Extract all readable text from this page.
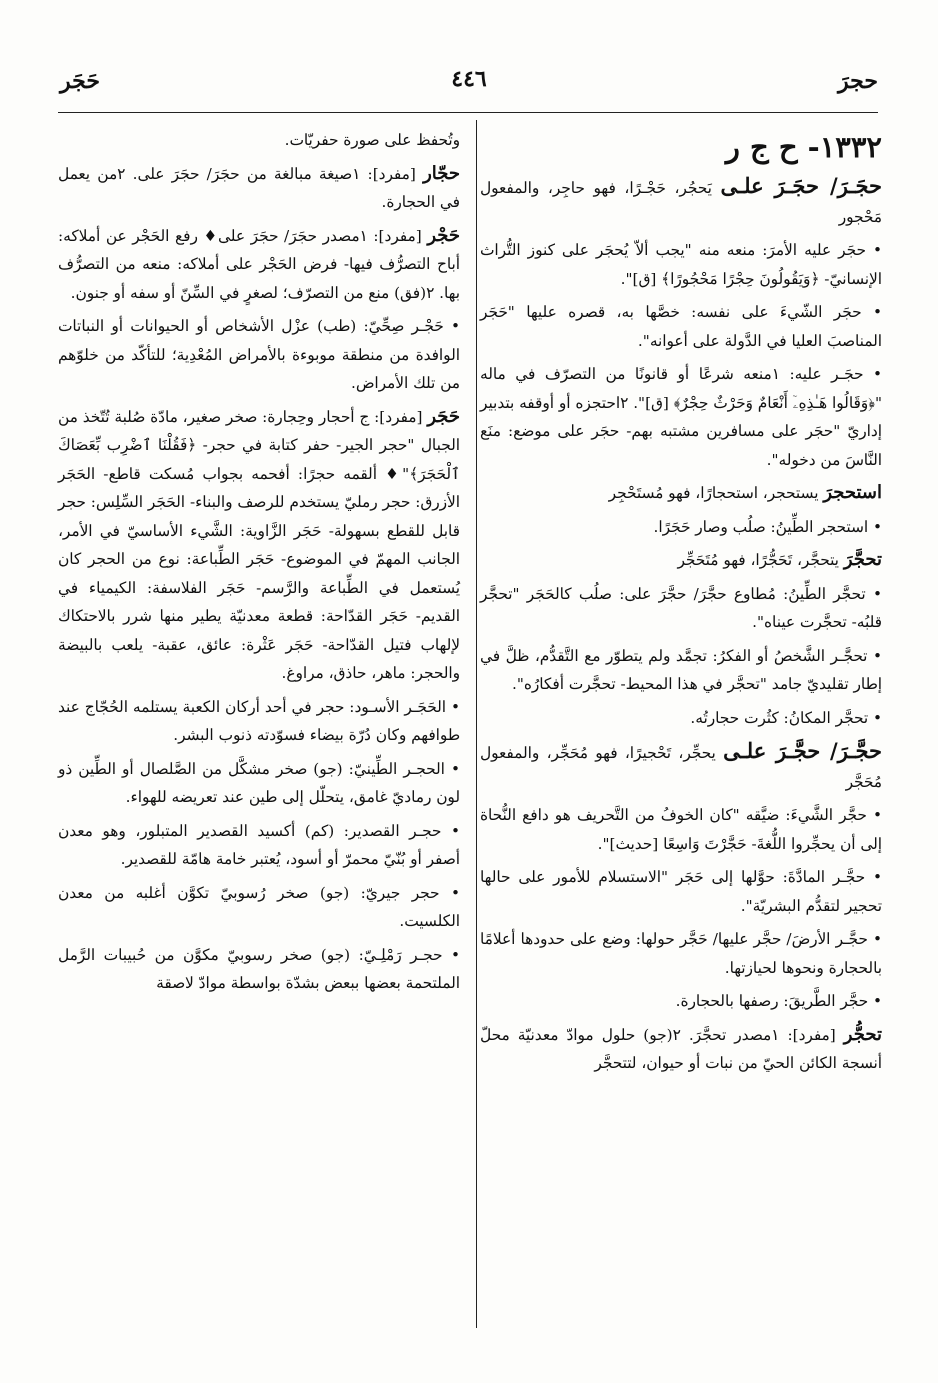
حجرَ
٤٤٦
حَجَر
١٣٣٢- ح ج ر

حجَـرَ/ حجَـرَ علـى يَحجُر، حَجْـرًا، فهو حاجِر، والمفعول مَحْجور

• حجَر عليه الأمرَ: منعه منه "يجب ألاّ يُحجَر على كنوز التُّراث الإنسانيّ- ﴿وَيَقُولُونَ حِجْرًا مَحْجُورًا﴾ [ق]".

• حجَر الشّيءَ على نفسه: خصَّها به، قصره عليها "حَجَر المناصبَ العليا في الدَّولة على أعوانه".

• حجَـر عليه: ١منعه شرعًا أو قانونًا من التصرّف في ماله "﴿وَقَالُوا هَـٰذِهِۦٓ أَنْعَامٌ وَحَرْثٌ حِجْرٌ﴾ [ق]". ٢احتجزه أو أوقفه بتدبير إداريّ "حجَر على مسافرين مشتبه بهم- حجَر على موضع: منَع النَّاسَ من دخوله".

استحجرَ يستحجر، استحجارًا، فهو مُستَحْجِر

• استحجر الطِّينُ: صلُب وصار حَجَرًا.

تحجَّرَ يتحجَّر، تَحَجُّرًا، فهو مُتَحَجِّر

• تحجَّر الطِّينُ: مُطاوع حجَّرَ/ حجَّرَ على: صلُب كالحَجَر "تحجَّر قلبُه- تحجَّرت عيناه".

• تحجَّـر الشَّخصُ أو الفكرُ: تجمَّد ولم يتطوّر مع التَّقدُّم، ظلَّ في إطار تقليديّ جامد "تحجَّر في هذا المحيط- تحجَّرت أفكارُه".

• تحجَّر المكانُ: كثُرت حجارتُه.

حجَّـرَ/ حجَّـرَ علـى يحجِّر، تَحْجيرًا، فهو مُحَجِّر، والمفعول مُحَجَّر

• حجَّر الشَّيءَ: ضيَّقه "كان الخوفُ من التَّحريف هو دافع النُّحاة إلى أن يحجِّروا اللُّغةَ- حَجَّرْتَ وَاسِعًا [حديث]".

• حجَّـر المادَّةَ: حوَّلها إلى حَجَر "الاستسلام للأمور على حالها تحجير لتقدُّم البشريّة".

• حجَّـر الأرضَ/ حجَّر عليها/ حَجَّر حولها: وضع على حدودها أعلامًا بالحجارة ونحوها لحيازتها.

• حجَّر الطَّريقَ: رصفها بالحجارة.

تحجُّر [مفرد]: ١مصدر تحجَّرَ. ٢(جو) حلول موادّ معدنيّة محلّ أنسجة الكائن الحيّ من نبات أو حيوان، لتتحجَّر

وتُحفظ على صورة حفريّات.

حجّار [مفرد]: ١صيغة مبالغة من حجَرَ/ حجَرَ على. ٢من يعمل في الحجارة.

حَجْر [مفرد]: ١مصدر حجَرَ/ حجَرَ على♦ رفع الحَجْر عن أملاكه: أباح التصرُّف فيها- فرض الحَجْر على أملاكه: منعه من التصرُّف بها. ٢(فق) منع من التصرّف؛ لصغرٍ في السِّنّ أو سفه أو جنون.

• حَجْـر صِحِّيّ: (طب) عزْل الأشخاص أو الحيوانات أو النباتات الوافدة من منطقة موبوءة بالأمراض المُعْدِية؛ للتأكّد من خلوّهم من تلك الأمراض.

حَجَر [مفرد]: ج أحجار وحِجارة: صخر صغير، مادّة صُلبة تُتّخذ من الجبال "حجر الجير- حفر كتابة في حجر- ﴿فَقُلْنَا ٱضْرِب بِّعَصَاكَ ٱلْحَجَرَ﴾"♦ ألقمه حجرًا: أفحمه بجواب مُسكت قاطع- الحَجَر الأزرق: حجر رمليّ يستخدم للرصف والبناء- الحَجَر السِّلِس: حجر قابل للقطع بسهولة- حَجَر الزَّاوية: الشَّيء الأساسيّ في الأمر، الجانب المهمّ في الموضوع- حَجَر الطِّباعة: نوع من الحجر كان يُستعمل في الطِّباعة والرَّسم- حَجَر الفلاسفة: الكيمياء في القديم- حَجَر القدّاحة: قطعة معدنيّة يطير منها شرر بالاحتكاك لإلهاب فتيل القدّاحة- حَجَر عَثْرة: عائق، عقبة- يلعب بالبيضة والحجر: ماهر، حاذق، مراوغ.

• الحَجَـر الأسـود: حجر في أحد أركان الكعبة يستلمه الحُجّاج عند طوافهم وكان دُرّة بيضاء فسوّدته ذنوب البشر.

• الحجـر الطِّينيّ: (جو) صخر مشكَّل من الصَّلصال أو الطِّين ذو لون رماديّ غامق، يتحلّل إلى طين عند تعريضه للهواء.

• حجـر القصدير: (كم) أكسيد القصدير المتبلور، وهو معدن أصفر أو بُنّيّ محمرّ أو أسود، يُعتبر خامة هامّة للقصدير.

• حجر جيريّ: (جو) صخر رُسوبيّ تكوَّن أغلبه من معدن الكلسيت.

• حجـر رَمْلِـيّ: (جو) صخر رسوبيّ مكوَّن من حُبيبات الرَّمل الملتحمة بعضها ببعض بشدّة بواسطة موادّ لاصقة
